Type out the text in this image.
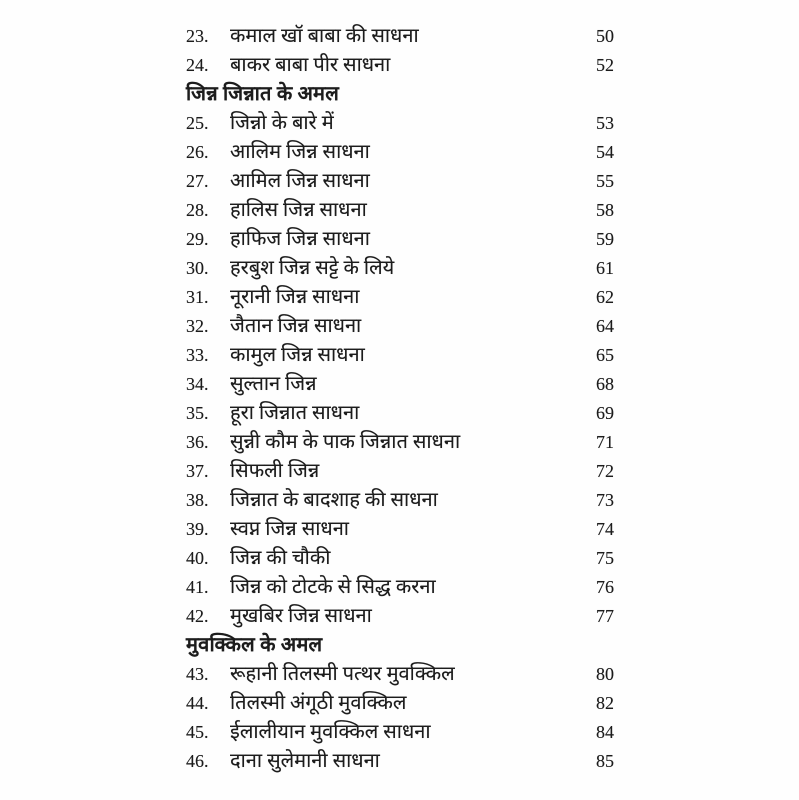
23.	कमाल खॉ बाबा की साधना	50
24.	बाकर बाबा पीर साधना	52
जिन्न जिन्नात के अमल
25.	जिन्नो के बारे में	53
26.	आलिम जिन्न साधना	54
27.	आमिल जिन्न साधना	55
28.	हालिस जिन्न साधना	58
29.	हाफिज जिन्न साधना	59
30.	हरबुश जिन्न सट्टे के लिये	61
31.	नूरानी जिन्न साधना	62
32.	जैतान जिन्न साधना	64
33.	कामुल जिन्न साधना	65
34.	सुल्तान जिन्न	68
35.	हूरा जिन्नात साधना	69
36.	सुन्नी कौम के पाक जिन्नात साधना	71
37.	सिफली जिन्न	72
38.	जिन्नात के बादशाह की साधना	73
39.	स्वप्न जिन्न साधना	74
40.	जिन्न की चौकी	75
41.	जिन्न को टोटके से सिद्ध करना	76
42.	मुखबिर जिन्न साधना	77
मुवक्किल के अमल
43.	रूहानी तिलस्मी पत्थर मुवक्किल	80
44.	तिलस्मी अंगूठी मुवक्किल	82
45.	ईलालीयान मुवक्किल साधना	84
46.	दाना सुलेमानी साधना	85
